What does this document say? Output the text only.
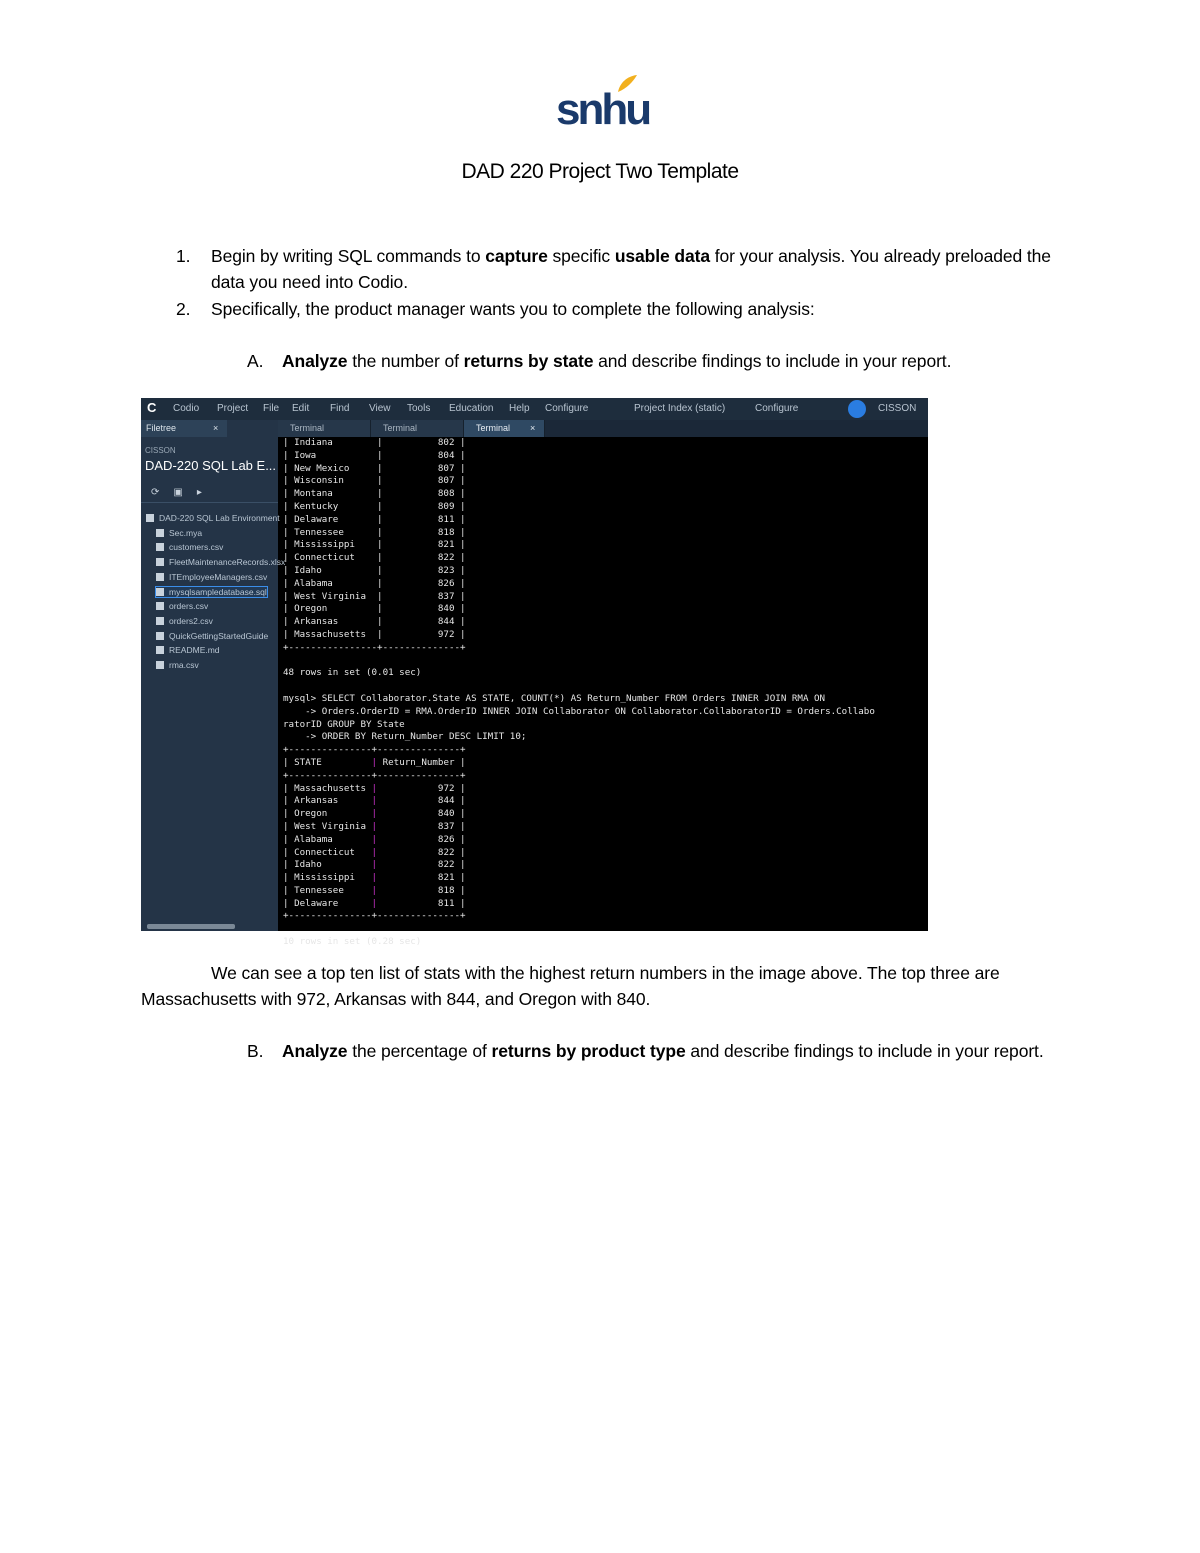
snhu
DAD 220 Project Two Template
1. Begin by writing SQL commands to capture specific usable data for your analysis. You already preloaded the data you need into Codio.
2. Specifically, the product manager wants you to complete the following analysis:
A. Analyze the number of returns by state and describe findings to include in your report.
C	Codio Project File Edit Find View Tools Education Help Configure	Project Index (static)	Configure	CISSON
Filetree	×
CISSON
DAD-220 SQL Lab E...
⟳▣▸
DAD-220 SQL Lab Environment
Sec.mya
customers.csv
FleetMaintenanceRecords.xlsx
ITEmployeeManagers.csv
mysqlsampledatabase.sql
orders.csv
orders2.csv
QuickGettingStartedGuide
README.md
rma.csv
Terminal	Terminal	Terminal ×
| Indiana        |          802 |
| Iowa           |          804 |
| New Mexico     |          807 |
| Wisconsin      |          807 |
| Montana        |          808 |
| Kentucky       |          809 |
| Delaware       |          811 |
| Tennessee      |          818 |
| Mississippi    |          821 |
| Connecticut    |          822 |
| Idaho          |          823 |
| Alabama        |          826 |
| West Virginia  |          837 |
| Oregon         |          840 |
| Arkansas       |          844 |
| Massachusetts  |          972 |
+----------------+--------------+

48 rows in set (0.01 sec)

mysql> SELECT Collaborator.State AS STATE, COUNT(*) AS Return_Number FROM Orders INNER JOIN RMA ON
-> Orders.OrderID = RMA.OrderID INNER JOIN Collaborator ON Collaborator.CollaboratorID = Orders.Collabo
ratorID GROUP BY State
-> ORDER BY Return_Number DESC LIMIT 10;
+---------------+---------------+
| STATE         | Return_Number |
+---------------+---------------+
| Massachusetts |           972 |
| Arkansas      |           844 |
| Oregon        |           840 |
| West Virginia |           837 |
| Alabama       |           826 |
| Connecticut   |           822 |
| Idaho         |           822 |
| Mississippi   |           821 |
| Tennessee     |           818 |
| Delaware      |           811 |
+---------------+---------------+

10 rows in set (0.28 sec)
We can see a top ten list of stats with the highest return numbers in the image above. The top three are Massachusetts with 972, Arkansas with 844, and Oregon with 840.
B. Analyze the percentage of returns by product type and describe findings to include in your report.
